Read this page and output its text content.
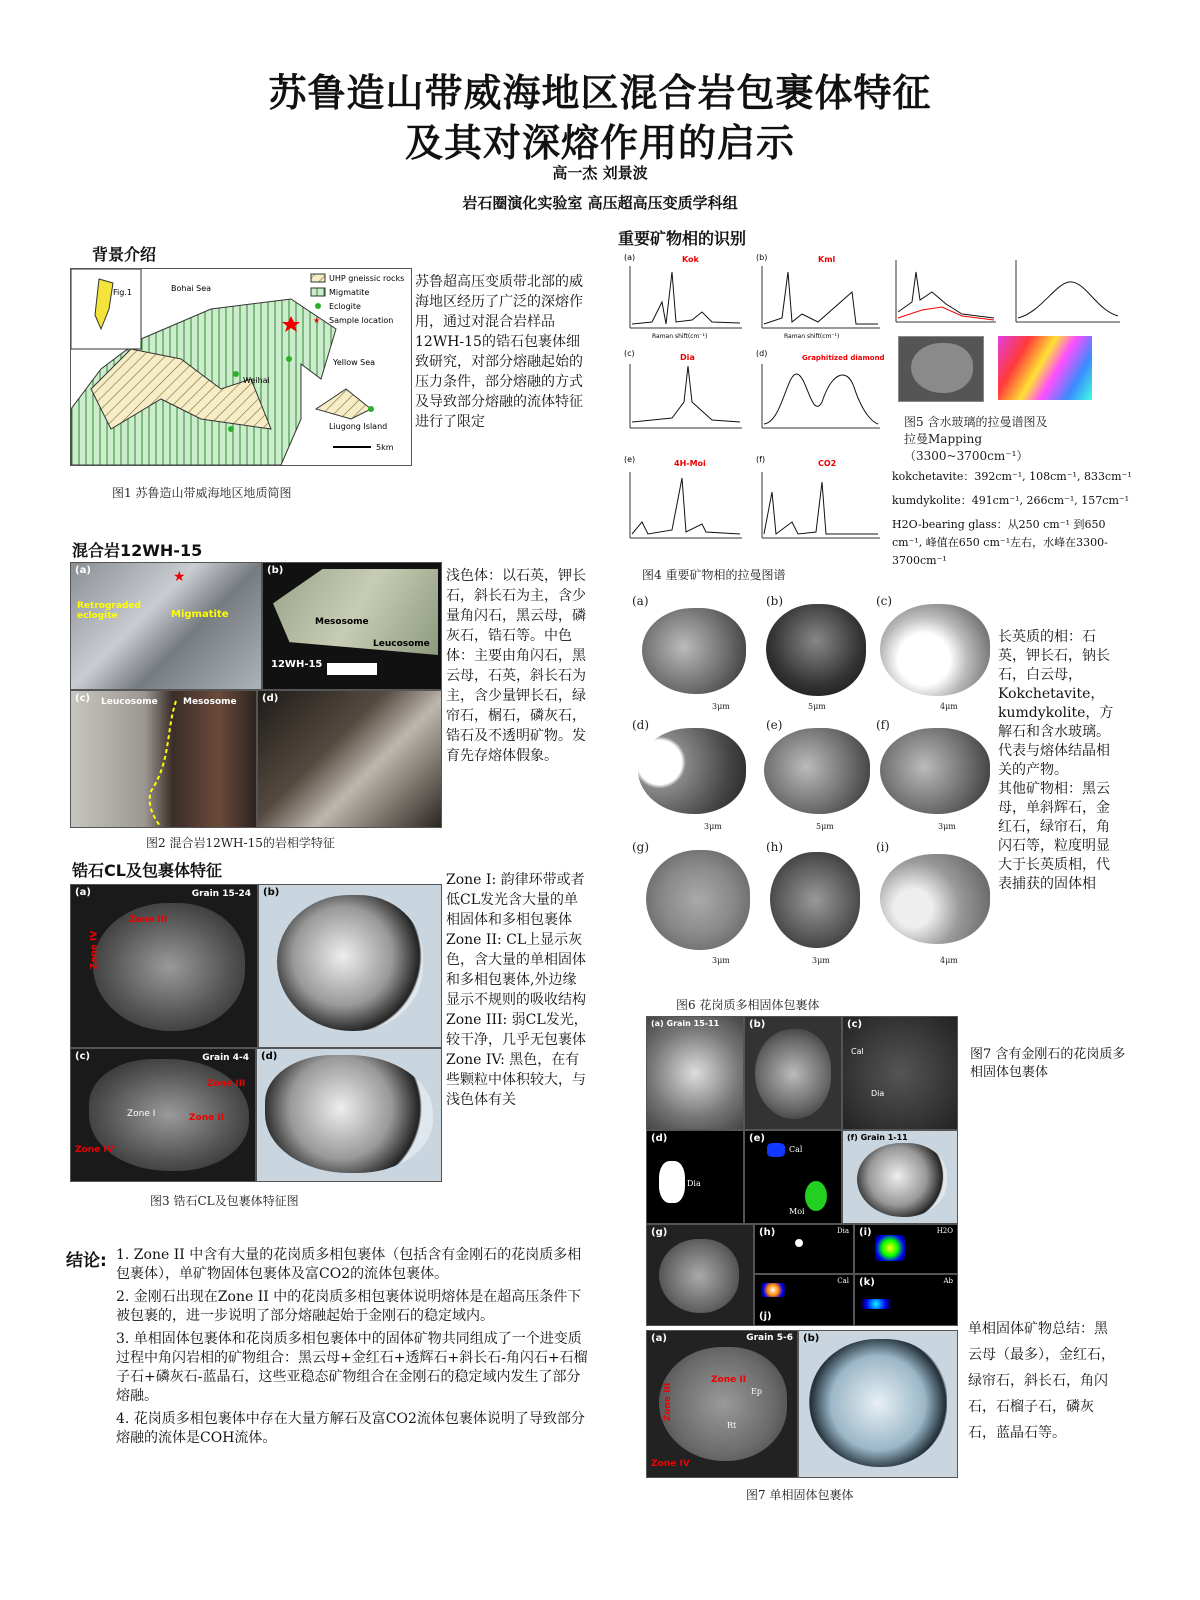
苏鲁造山带威海地区混合岩包裹体特征
及其对深熔作用的启示
高一杰 刘景波
岩石圈演化实验室 高压超高压变质学科组
背景介绍
UHP gneissic rocks
Migmatite
Eclogite
★ Sample location
Bohai Sea
Yellow Sea
Weihai
Liugong Island
Fig.1
5km
苏鲁超高压变质带北部的威海地区经历了广泛的深熔作用，通过对混合岩样品12WH-15的锆石包裹体细致研究，对部分熔融起始的压力条件，部分熔融的方式及导致部分熔融的流体特征进行了限定
图1 苏鲁造山带威海地区地质简图
混合岩12WH-15
(a)
Retrograded eclogite	Migmatite
★	(b)
Mesosome
Leucosome
12WH-15
(c) Leucosome	Mesosome	(d)
浅色体：以石英，钾长石，斜长石为主，含少量角闪石，黑云母，磷灰石，锆石等。中色体：主要由角闪石，黑云母，石英，斜长石为主，含少量钾长石，绿帘石，榍石，磷灰石，锆石及不透明矿物。发育先存熔体假象。
图2 混合岩12WH-15的岩相学特征
锆石CL及包裹体特征
(a)	Grain 15-24
Zone III
Zone IV
(b)
(c)	Grain 4-4
Zone III
Zone II
Zone I
Zone IV
(d)
Zone I: 韵律环带或者低CL发光含大量的单相固体和多相包裹体 Zone II: CL上显示灰色，含大量的单相固体和多相包裹体,外边缘显示不规则的吸收结构 Zone III: 弱CL发光，较干净，几乎无包裹体 Zone IV: 黑色，在有些颗粒中体积较大，与浅色体有关
图3 锆石CL及包裹体特征图
结论: 1. Zone II 中含有大量的花岗质多相包裹体（包括含有金刚石的花岗质多相包裹体），单矿物固体包裹体及富CO2的流体包裹体。
2. 金刚石出现在Zone II 中的花岗质多相包裹体说明熔体是在超高压条件下被包裹的，进一步说明了部分熔融起始于金刚石的稳定域内。
3. 单相固体包裹体和花岗质多相包裹体中的固体矿物共同组成了一个进变质过程中角闪岩相的矿物组合：黑云母+金红石+透辉石+斜长石-角闪石+石榴子石+磷灰石-蓝晶石，这些亚稳态矿物组合在金刚石的稳定域内发生了部分熔融。
4. 花岗质多相包裹体中存在大量方解石及富CO2流体包裹体说明了导致部分熔融的流体是COH流体。
重要矿物相的识别
(a)	Kok
Raman shift(cm⁻¹)
(b)	Kml
Raman shift(cm⁻¹)
(c)	Dia	(d)	Graphitized diamond
(e)	4H-Moi	(f)	CO2
图4 重要矿物相的拉曼图谱
图5 含水玻璃的拉曼谱图及拉曼Mapping（3300~3700cm⁻¹）
kokchetavite：392cm⁻¹, 108cm⁻¹, 833cm⁻¹
kumdykolite：491cm⁻¹, 266cm⁻¹, 157cm⁻¹
H2O-bearing glass：从250 cm⁻¹ 到650 cm⁻¹, 峰值在650 cm⁻¹左右，水峰在3300-3700cm⁻¹
(a)
3μm
(b)
5μm
(c)
4μm
(d)
3μm
(e)
5μm
(f)
3μm
(g)
3μm
(h)
3μm
(i)
4μm
长英质的相：石英，钾长石，钠长石，白云母，Kokchetavite，kumdykolite，方解石和含水玻璃。代表与熔体结晶相关的产物。
其他矿物相：黑云母，单斜辉石，金红石，绿帘石，角闪石等，粒度明显大于长英质相，代表捕获的固体相
图6 花岗质多相固体包裹体
(a) Grain 15-11	(b)	(c)
Cal
Dia
(d)
Dia
(e)
Cal
Moi
(f) Grain 1-11
(g)	(h)	Dia (i)	H2O
(j)
Cal (k)	Ab
图7 含有金刚石的花岗质多相固体包裹体
(a)	Grain 5-6
Zone II
Zone III
Zone IV
Ep
Rt
(b)
图7 单相固体包裹体
单相固体矿物总结：黑云母（最多），金红石，绿帘石，斜长石，角闪石，石榴子石，磷灰石，蓝晶石等。
